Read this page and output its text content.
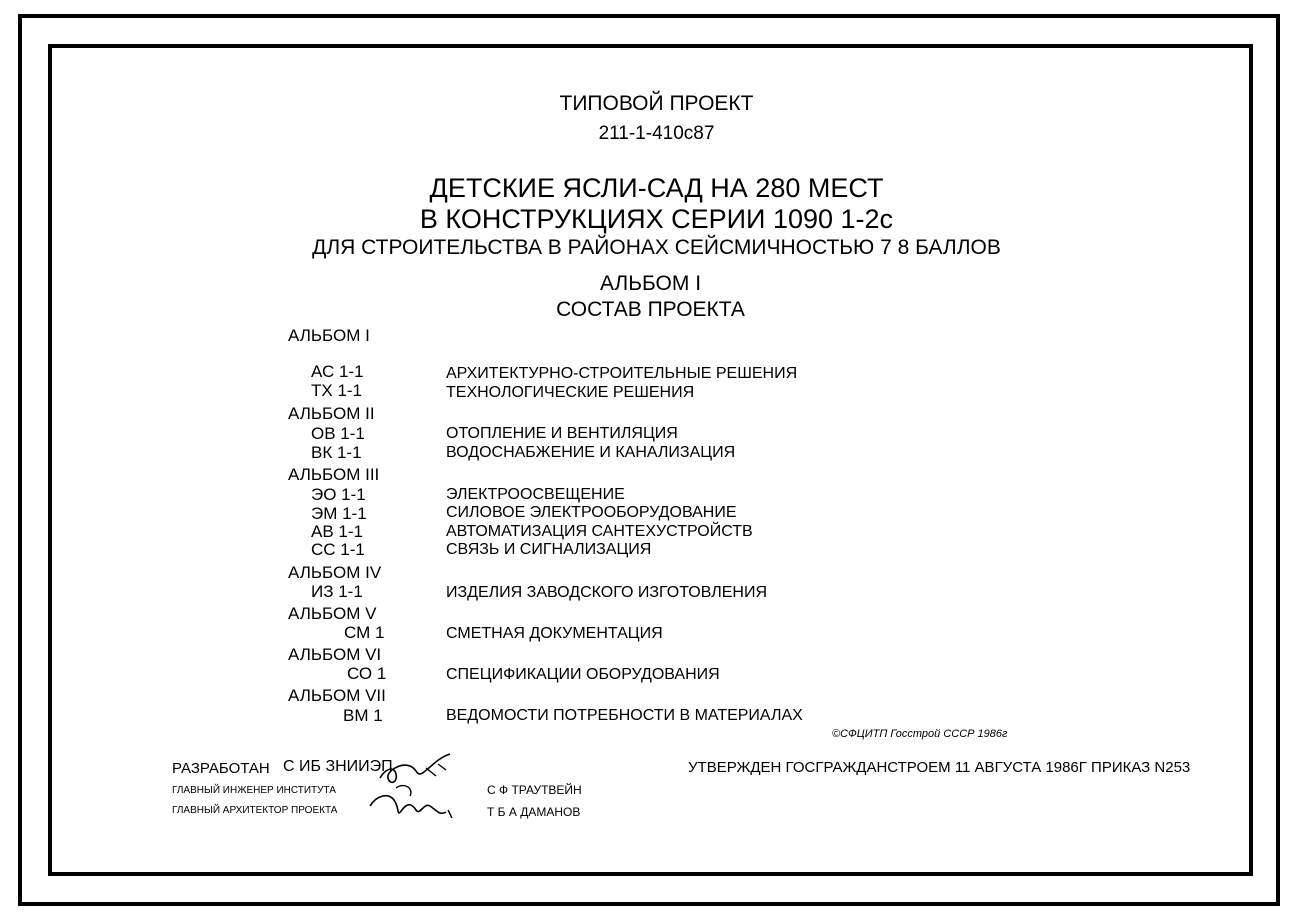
ТИПОВОЙ ПРОЕКТ
211-1-410с87
ДЕТСКИЕ ЯСЛИ-САД НА 280 МЕСТ
В КОНСТРУКЦИЯХ СЕРИИ 1090 1-2с
ДЛЯ СТРОИТЕЛЬСТВА В РАЙОНАХ СЕЙСМИЧНОСТЬЮ 7 8 БАЛЛОВ
АЛЬБОМ I
СОСТАВ ПРОЕКТА
АЛЬБОМ I
АС 1-1	АРХИТЕКТУРНО-СТРОИТЕЛЬНЫЕ РЕШЕНИЯ
ТХ 1-1	ТЕХНОЛОГИЧЕСКИЕ РЕШЕНИЯ
АЛЬБОМ II
ОВ 1-1	ОТОПЛЕНИЕ И ВЕНТИЛЯЦИЯ
ВК 1-1	ВОДОСНАБЖЕНИЕ И КАНАЛИЗАЦИЯ
АЛЬБОМ III
ЭО 1-1	ЭЛЕКТРООСВЕЩЕНИЕ
ЭМ 1-1	СИЛОВОЕ ЭЛЕКТРООБОРУДОВАНИЕ
АВ 1-1	АВТОМАТИЗАЦИЯ САНТЕХУСТРОЙСТВ
СС 1-1	СВЯЗЬ И СИГНАЛИЗАЦИЯ
АЛЬБОМ IV
ИЗ 1-1	ИЗДЕЛИЯ ЗАВОДСКОГО ИЗГОТОВЛЕНИЯ
АЛЬБОМ V
СМ 1	СМЕТНАЯ ДОКУМЕНТАЦИЯ
АЛЬБОМ VI
СО 1	СПЕЦИФИКАЦИИ ОБОРУДОВАНИЯ
АЛЬБОМ VII
ВМ 1	ВЕДОМОСТИ ПОТРЕБНОСТИ В МАТЕРИАЛАХ
©СФЦИТП Госстрой СССР 1986г
РАЗРАБОТАН С ИБ ЗНИИЭП
ГЛАВНЫЙ ИНЖЕНЕР ИНСТИТУТА
ГЛАВНЫЙ АРХИТЕКТОР ПРОЕКТА
С Ф ТРАУТВЕЙН
Т Б А ДАМАНОВ
УТВЕРЖДЕН ГОСГРАЖДАНСТРОЕМ 11 АВГУСТА 1986Г ПРИКАЗ N253
